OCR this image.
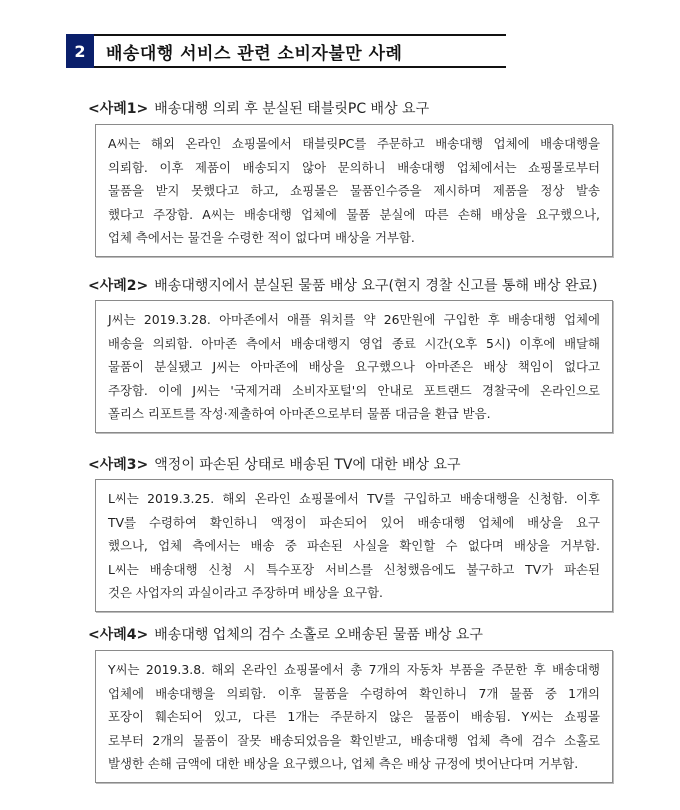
2	배송대행 서비스 관련 소비자불만 사례
<사례1> 배송대행 의뢰 후 분실된 태블릿PC 배상 요구
A씨는 해외 온라인 쇼핑몰에서 태블릿PC를 주문하고 배송대행 업체에 배송대행을
의뢰함. 이후 제품이 배송되지 않아 문의하니 배송대행 업체에서는 쇼핑몰로부터
물품을 받지 못했다고 하고, 쇼핑몰은 물품인수증을 제시하며 제품을 정상 발송
했다고 주장함. A씨는 배송대행 업체에 물품 분실에 따른 손해 배상을 요구했으나,
업체 측에서는 물건을 수령한 적이 없다며 배상을 거부함.
<사례2> 배송대행지에서 분실된 물품 배상 요구(현지 경찰 신고를 통해 배상 완료)
J씨는 2019.3.28. 아마존에서 애플 워치를 약 26만원에 구입한 후 배송대행 업체에
배송을 의뢰함. 아마존 측에서 배송대행지 영업 종료 시간(오후 5시) 이후에 배달해
물품이 분실됐고 J씨는 아마존에 배상을 요구했으나 아마존은 배상 책임이 없다고
주장함. 이에 J씨는 '국제거래 소비자포털'의 안내로 포트랜드 경찰국에 온라인으로
폴리스 리포트를 작성·제출하여 아마존으로부터 물품 대금을 환급 받음.
<사례3> 액정이 파손된 상태로 배송된 TV에 대한 배상 요구
L씨는 2019.3.25. 해외 온라인 쇼핑몰에서 TV를 구입하고 배송대행을 신청함. 이후
TV를 수령하여 확인하니 액정이 파손되어 있어 배송대행 업체에 배상을 요구
했으나, 업체 측에서는 배송 중 파손된 사실을 확인할 수 없다며 배상을 거부함.
L씨는 배송대행 신청 시 특수포장 서비스를 신청했음에도 불구하고 TV가 파손된
것은 사업자의 과실이라고 주장하며 배상을 요구함.
<사례4> 배송대행 업체의 검수 소홀로 오배송된 물품 배상 요구
Y씨는 2019.3.8. 해외 온라인 쇼핑몰에서 총 7개의 자동차 부품을 주문한 후 배송대행
업체에 배송대행을 의뢰함. 이후 물품을 수령하여 확인하니 7개 물품 중 1개의
포장이 훼손되어 있고, 다른 1개는 주문하지 않은 물품이 배송됨. Y씨는 쇼핑몰
로부터 2개의 물품이 잘못 배송되었음을 확인받고, 배송대행 업체 측에 검수 소홀로
발생한 손해 금액에 대한 배상을 요구했으나, 업체 측은 배상 규정에 벗어난다며 거부함.
